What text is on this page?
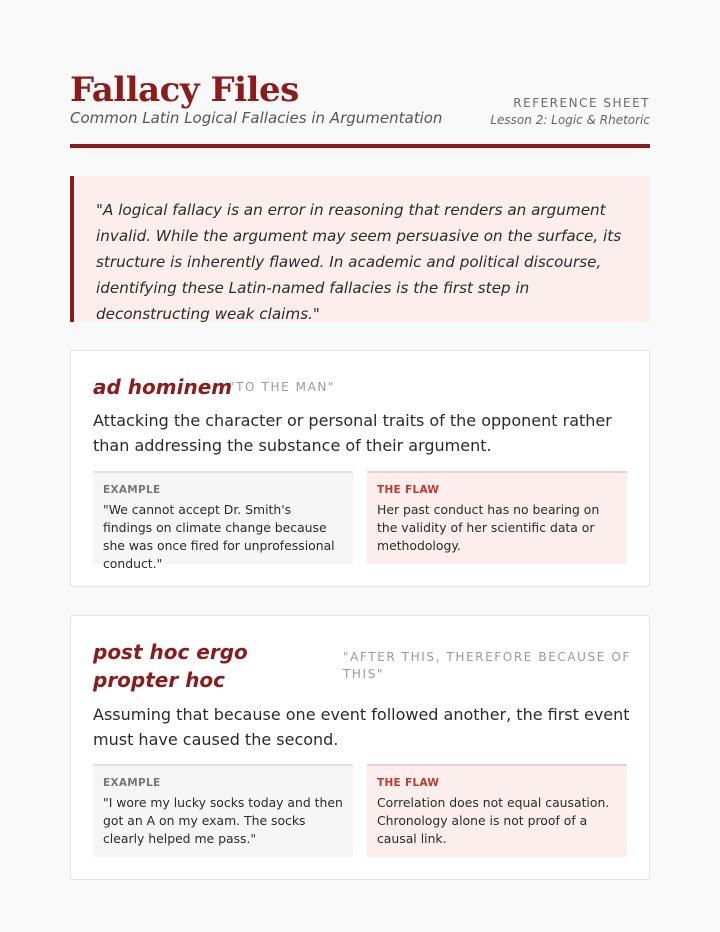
Fallacy Files
Common Latin Logical Fallacies in Argumentation
REFERENCE SHEET
Lesson 2: Logic & Rhetoric

"A logical fallacy is an error in reasoning that renders an argument invalid. While the argument may seem persuasive on the surface, its structure is inherently flawed. In academic and political discourse, identifying these Latin-named fallacies is the first step in deconstructing weak claims."

ad hominem
"TO THE MAN"

Attacking the character or personal traits of the opponent rather than addressing the substance of their argument.

EXAMPLE

"We cannot accept Dr. Smith's findings on climate change because she was once fired for unprofessional conduct."

THE FLAW

Her past conduct has no bearing on the validity of her scientific data or methodology.

post hoc ergo propter hoc
"AFTER THIS, THEREFORE BECAUSE OF THIS"

Assuming that because one event followed another, the first event must have caused the second.

EXAMPLE

"I wore my lucky socks today and then got an A on my exam. The socks clearly helped me pass."

THE FLAW

Correlation does not equal causation. Chronology alone is not proof of a causal link.
